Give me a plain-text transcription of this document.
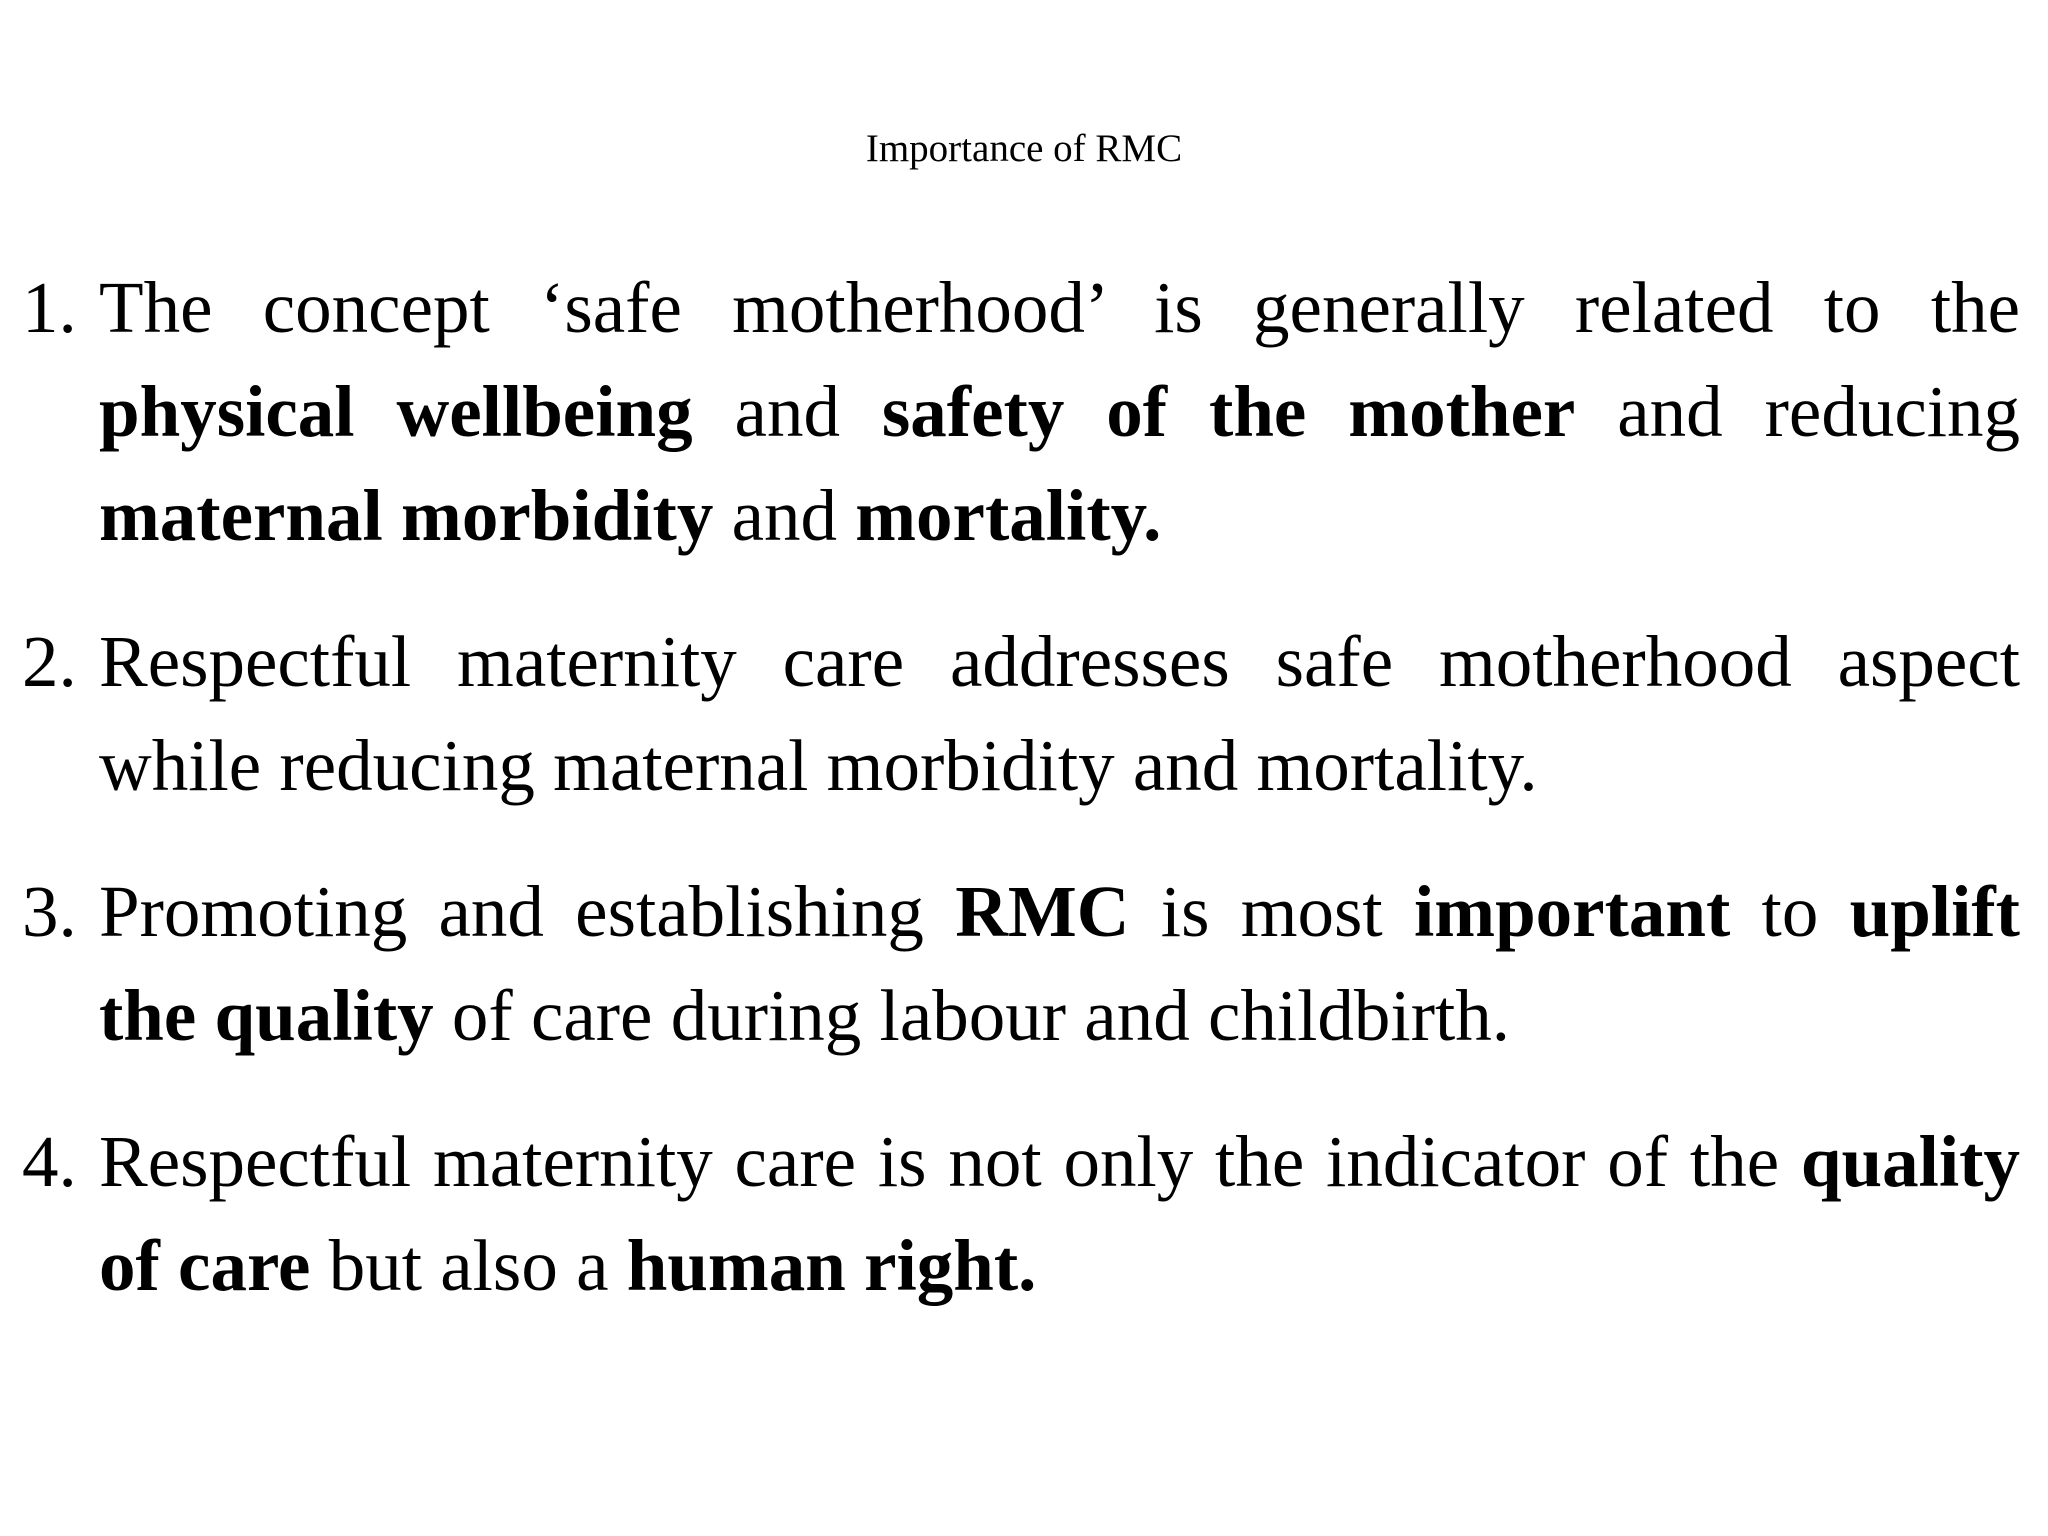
Importance of RMC
1. The concept ‘safe motherhood’ is generally related to the physical wellbeing and safety of the mother and reducing maternal morbidity and mortality.
2. Respectful maternity care addresses safe motherhood aspect while reducing maternal morbidity and mortality.
3. Promoting and establishing RMC is most important to uplift the quality of care during labour and childbirth.
4. Respectful maternity care is not only the indicator of the quality of care but also a human right.
